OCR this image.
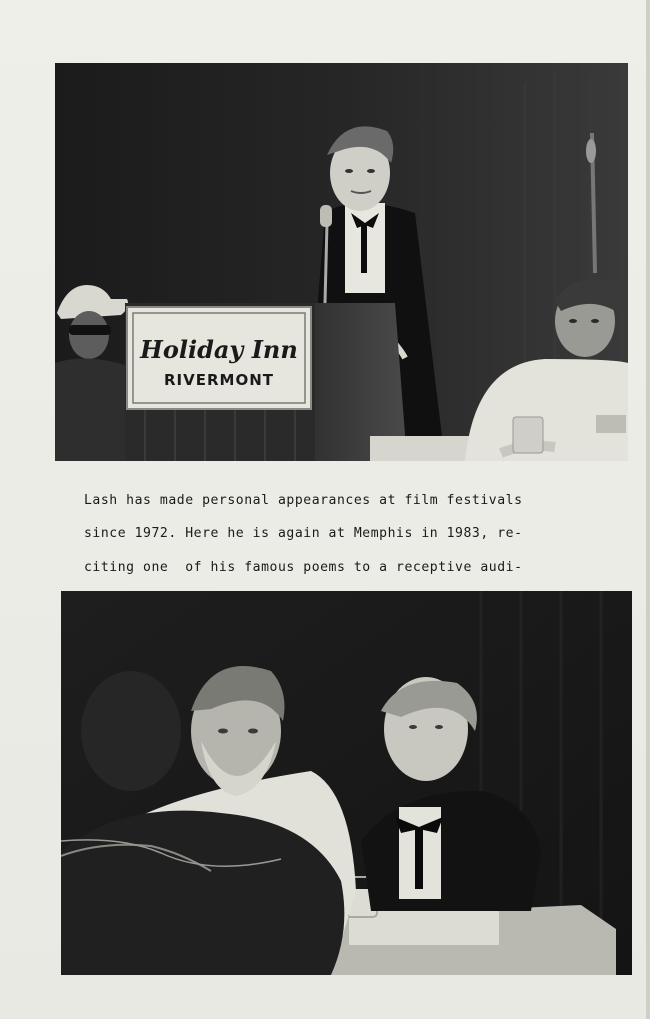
Holiday Inn
RIVERMONT

Lash has made personal appearances at film festivals

since 1972. Here he is again at Memphis in 1983, re-

citing one  of his famous poems to a receptive audi-
